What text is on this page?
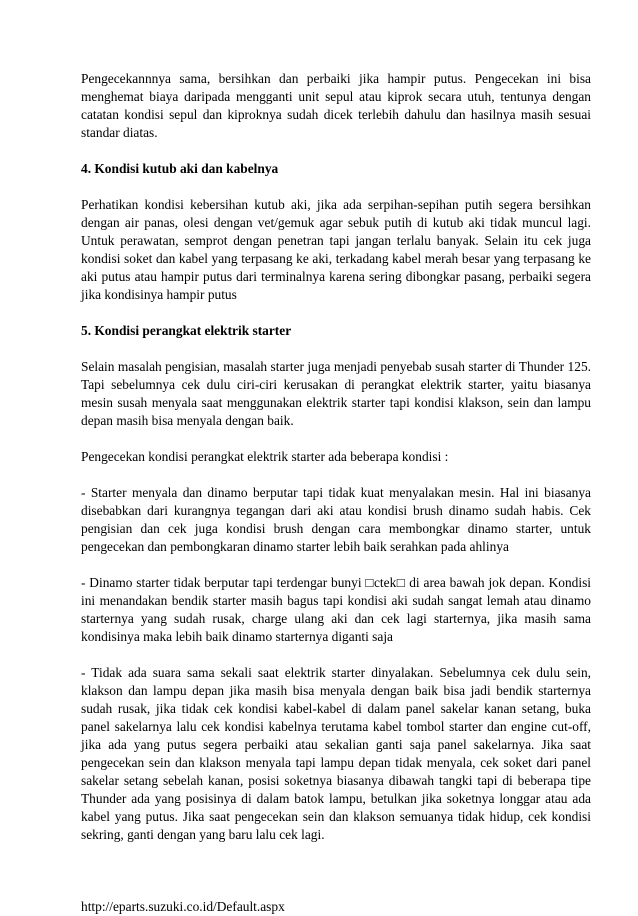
Pengecekannnya sama, bersihkan dan perbaiki jika hampir putus. Pengecekan ini bisa menghemat biaya daripada mengganti unit sepul atau kiprok secara utuh, tentunya dengan catatan kondisi sepul dan kiproknya sudah dicek terlebih dahulu dan hasilnya masih sesuai standar diatas.

4. Kondisi kutub aki dan kabelnya

Perhatikan kondisi kebersihan kutub aki, jika ada serpihan-sepihan putih segera bersihkan dengan air panas, olesi dengan vet/gemuk agar sebuk putih di kutub aki tidak muncul lagi. Untuk perawatan, semprot dengan penetran tapi jangan terlalu banyak. Selain itu cek juga kondisi soket dan kabel yang terpasang ke aki, terkadang kabel merah besar yang terpasang ke aki putus atau hampir putus dari terminalnya karena sering dibongkar pasang, perbaiki segera jika kondisinya hampir putus

5. Kondisi perangkat elektrik starter

Selain masalah pengisian, masalah starter juga menjadi penyebab susah starter di Thunder 125. Tapi sebelumnya cek dulu ciri-ciri kerusakan di perangkat elektrik starter, yaitu biasanya mesin susah menyala saat menggunakan elektrik starter tapi kondisi klakson, sein dan lampu depan masih bisa menyala dengan baik.

Pengecekan kondisi perangkat elektrik starter ada beberapa kondisi :

- Starter menyala dan dinamo berputar tapi tidak kuat menyalakan mesin. Hal ini biasanya disebabkan dari kurangnya tegangan dari aki atau kondisi brush dinamo sudah habis. Cek pengisian dan cek juga kondisi brush dengan cara membongkar dinamo starter, untuk pengecekan dan pembongkaran dinamo starter lebih baik serahkan pada ahlinya

- Dinamo starter tidak berputar tapi terdengar bunyi □ctek□ di area bawah jok depan. Kondisi ini menandakan bendik starter masih bagus tapi kondisi aki sudah sangat lemah atau dinamo starternya yang sudah rusak, charge ulang aki dan cek lagi starternya, jika masih sama kondisinya maka lebih baik dinamo starternya diganti saja

- Tidak ada suara sama sekali saat elektrik starter dinyalakan. Sebelumnya cek dulu sein, klakson dan lampu depan jika masih bisa menyala dengan baik bisa jadi bendik starternya sudah rusak, jika tidak cek kondisi kabel-kabel di dalam panel sakelar kanan setang, buka panel sakelarnya lalu cek kondisi kabelnya terutama kabel tombol starter dan engine cut-off, jika ada yang putus segera perbaiki atau sekalian ganti saja panel sakelarnya. Jika saat pengecekan sein dan klakson menyala tapi lampu depan tidak menyala, cek soket dari panel sakelar setang sebelah kanan, posisi soketnya biasanya dibawah tangki tapi di beberapa tipe Thunder ada yang posisinya di dalam batok lampu, betulkan jika soketnya longgar atau ada kabel yang putus. Jika saat pengecekan sein dan klakson semuanya tidak hidup, cek kondisi sekring, ganti dengan yang baru lalu cek lagi.

http://eparts.suzuki.co.id/Default.aspx
